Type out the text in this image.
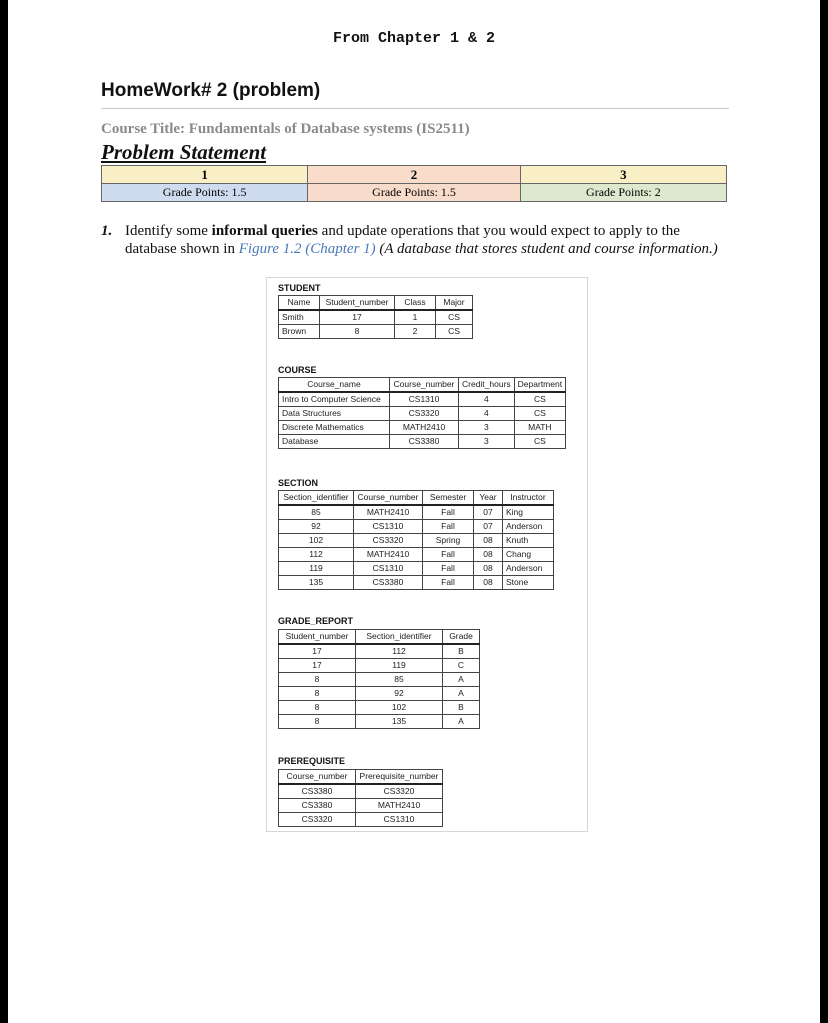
From Chapter 1 & 2
HomeWork# 2 (problem)
Course Title: Fundamentals of Database systems (IS2511)
Problem Statement
1	2	3
Grade Points: 1.5	Grade Points: 1.5	Grade Points: 2
1. Identify some informal queries and update operations that you would expect to apply to the database shown in Figure 1.2 (Chapter 1) (A database that stores student and course information.)
STUDENT
Name	Student_number	Class	Major
Smith	17	1	CS
Brown	8	2	CS
COURSE
Course_name	Course_number	Credit_hours	Department
Intro to Computer Science	CS1310	4	CS
Data Structures	CS3320	4	CS
Discrete Mathematics	MATH2410	3	MATH
Database	CS3380	3	CS
SECTION
Section_identifier	Course_number	Semester	Year	Instructor
85	MATH2410	Fall	07	King
92	CS1310	Fall	07	Anderson
102	CS3320	Spring	08	Knuth
112	MATH2410	Fall	08	Chang
119	CS1310	Fall	08	Anderson
135	CS3380	Fall	08	Stone
GRADE_REPORT
Student_number	Section_identifier	Grade
17	112	B
17	119	C
8	85	A
8	92	A
8	102	B
8	135	A
PREREQUISITE
Course_number	Prerequisite_number
CS3380	CS3320
CS3380	MATH2410
CS3320	CS1310
